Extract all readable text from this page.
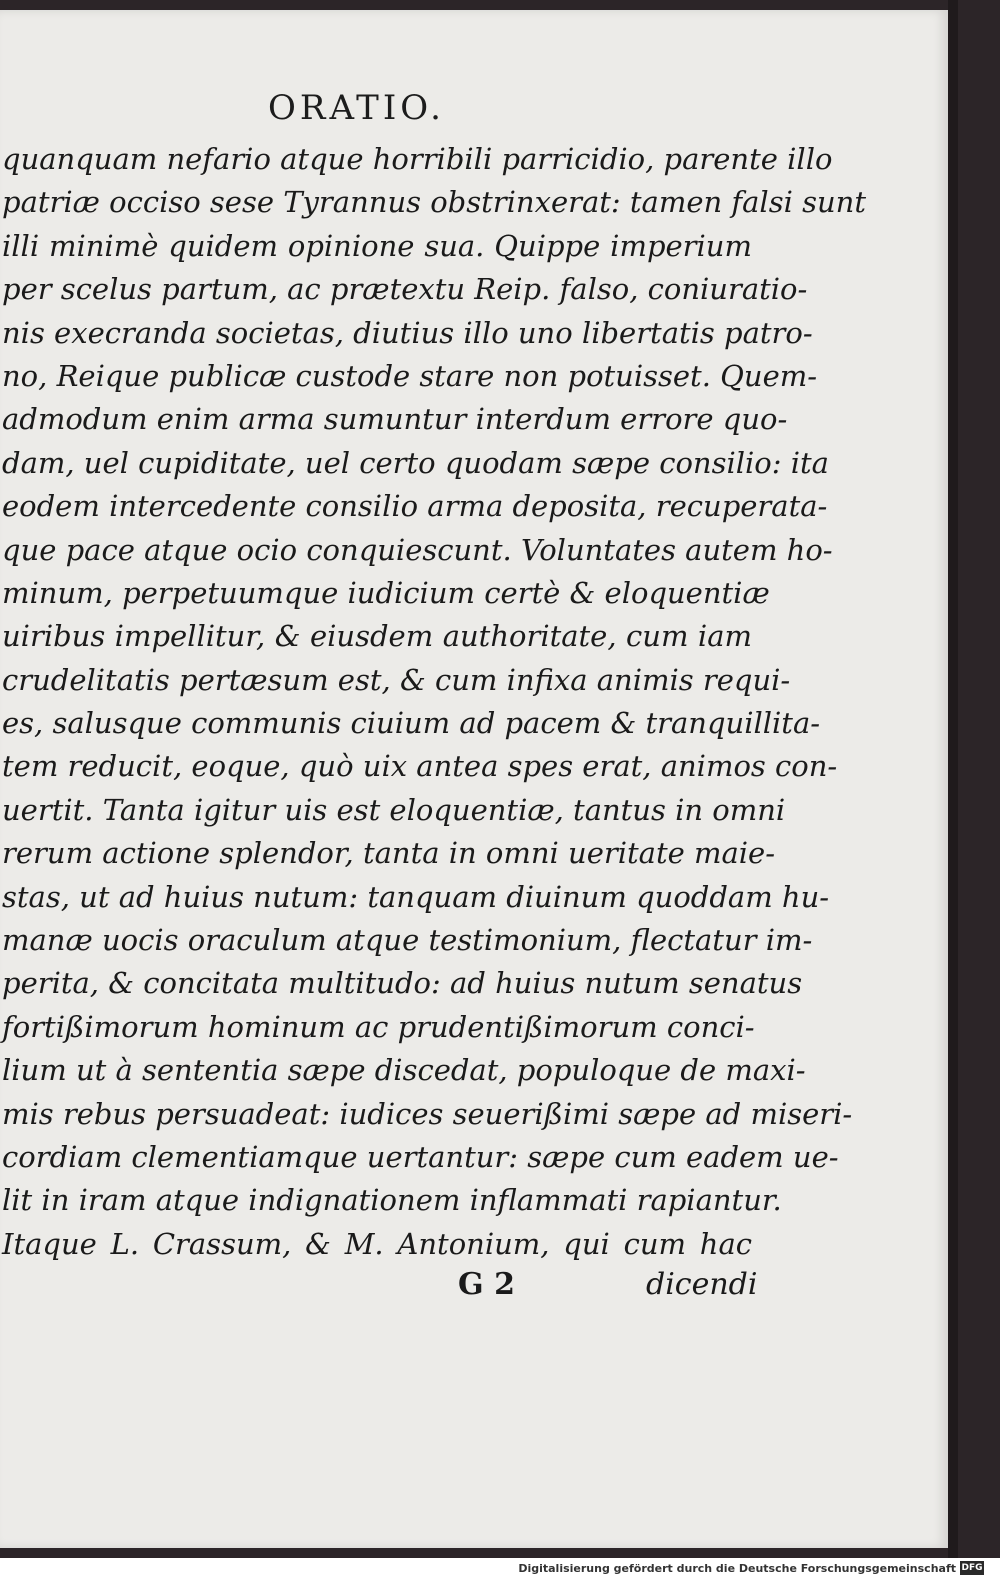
ORATIO.
quanquam nefario atque horribili parricidio, parente illo
patriæ occiso sese Tyrannus obstrinxerat: tamen falsi sunt
illi minimè quidem opinione sua. Quippe imperium
per scelus partum, ac prætextu Reip. falso, coniuratio-
nis execranda societas, diutius illo uno libertatis patro-
no, Reique publicæ custode stare non potuisset. Quem-
admodum enim arma sumuntur interdum errore quo-
dam, uel cupiditate, uel certo quodam sæpe consilio: ita
eodem intercedente consilio arma deposita, recuperata-
que pace atque ocio conquiescunt. Voluntates autem ho-
minum, perpetuumque iudicium certè & eloquentiæ
uiribus impellitur, & eiusdem authoritate, cum iam
crudelitatis pertæsum est, & cum infixa animis requi-
es, salusque communis ciuium ad pacem & tranquillita-
tem reducit, eoque, quò uix antea spes erat, animos con-
uertit. Tanta igitur uis est eloquentiæ, tantus in omni
rerum actione splendor, tanta in omni ueritate maie-
stas, ut ad huius nutum: tanquam diuinum quoddam hu-
manæ uocis oraculum atque testimonium, flectatur im-
perita, & concitata multitudo: ad huius nutum senatus
fortißimorum hominum ac prudentißimorum conci-
lium ut à sententia sæpe discedat, populoque de maxi-
mis rebus persuadeat: iudices seuerißimi sæpe ad miseri-
cordiam clementiamque uertantur: sæpe cum eadem ue-
lit in iram atque indignationem inflammati rapiantur.
Itaque L. Crassum, & M. Antonium, qui cum hac
G 2	dicendi
Digitalisierung gefördert durch die Deutsche Forschungsgemeinschaft DFG
